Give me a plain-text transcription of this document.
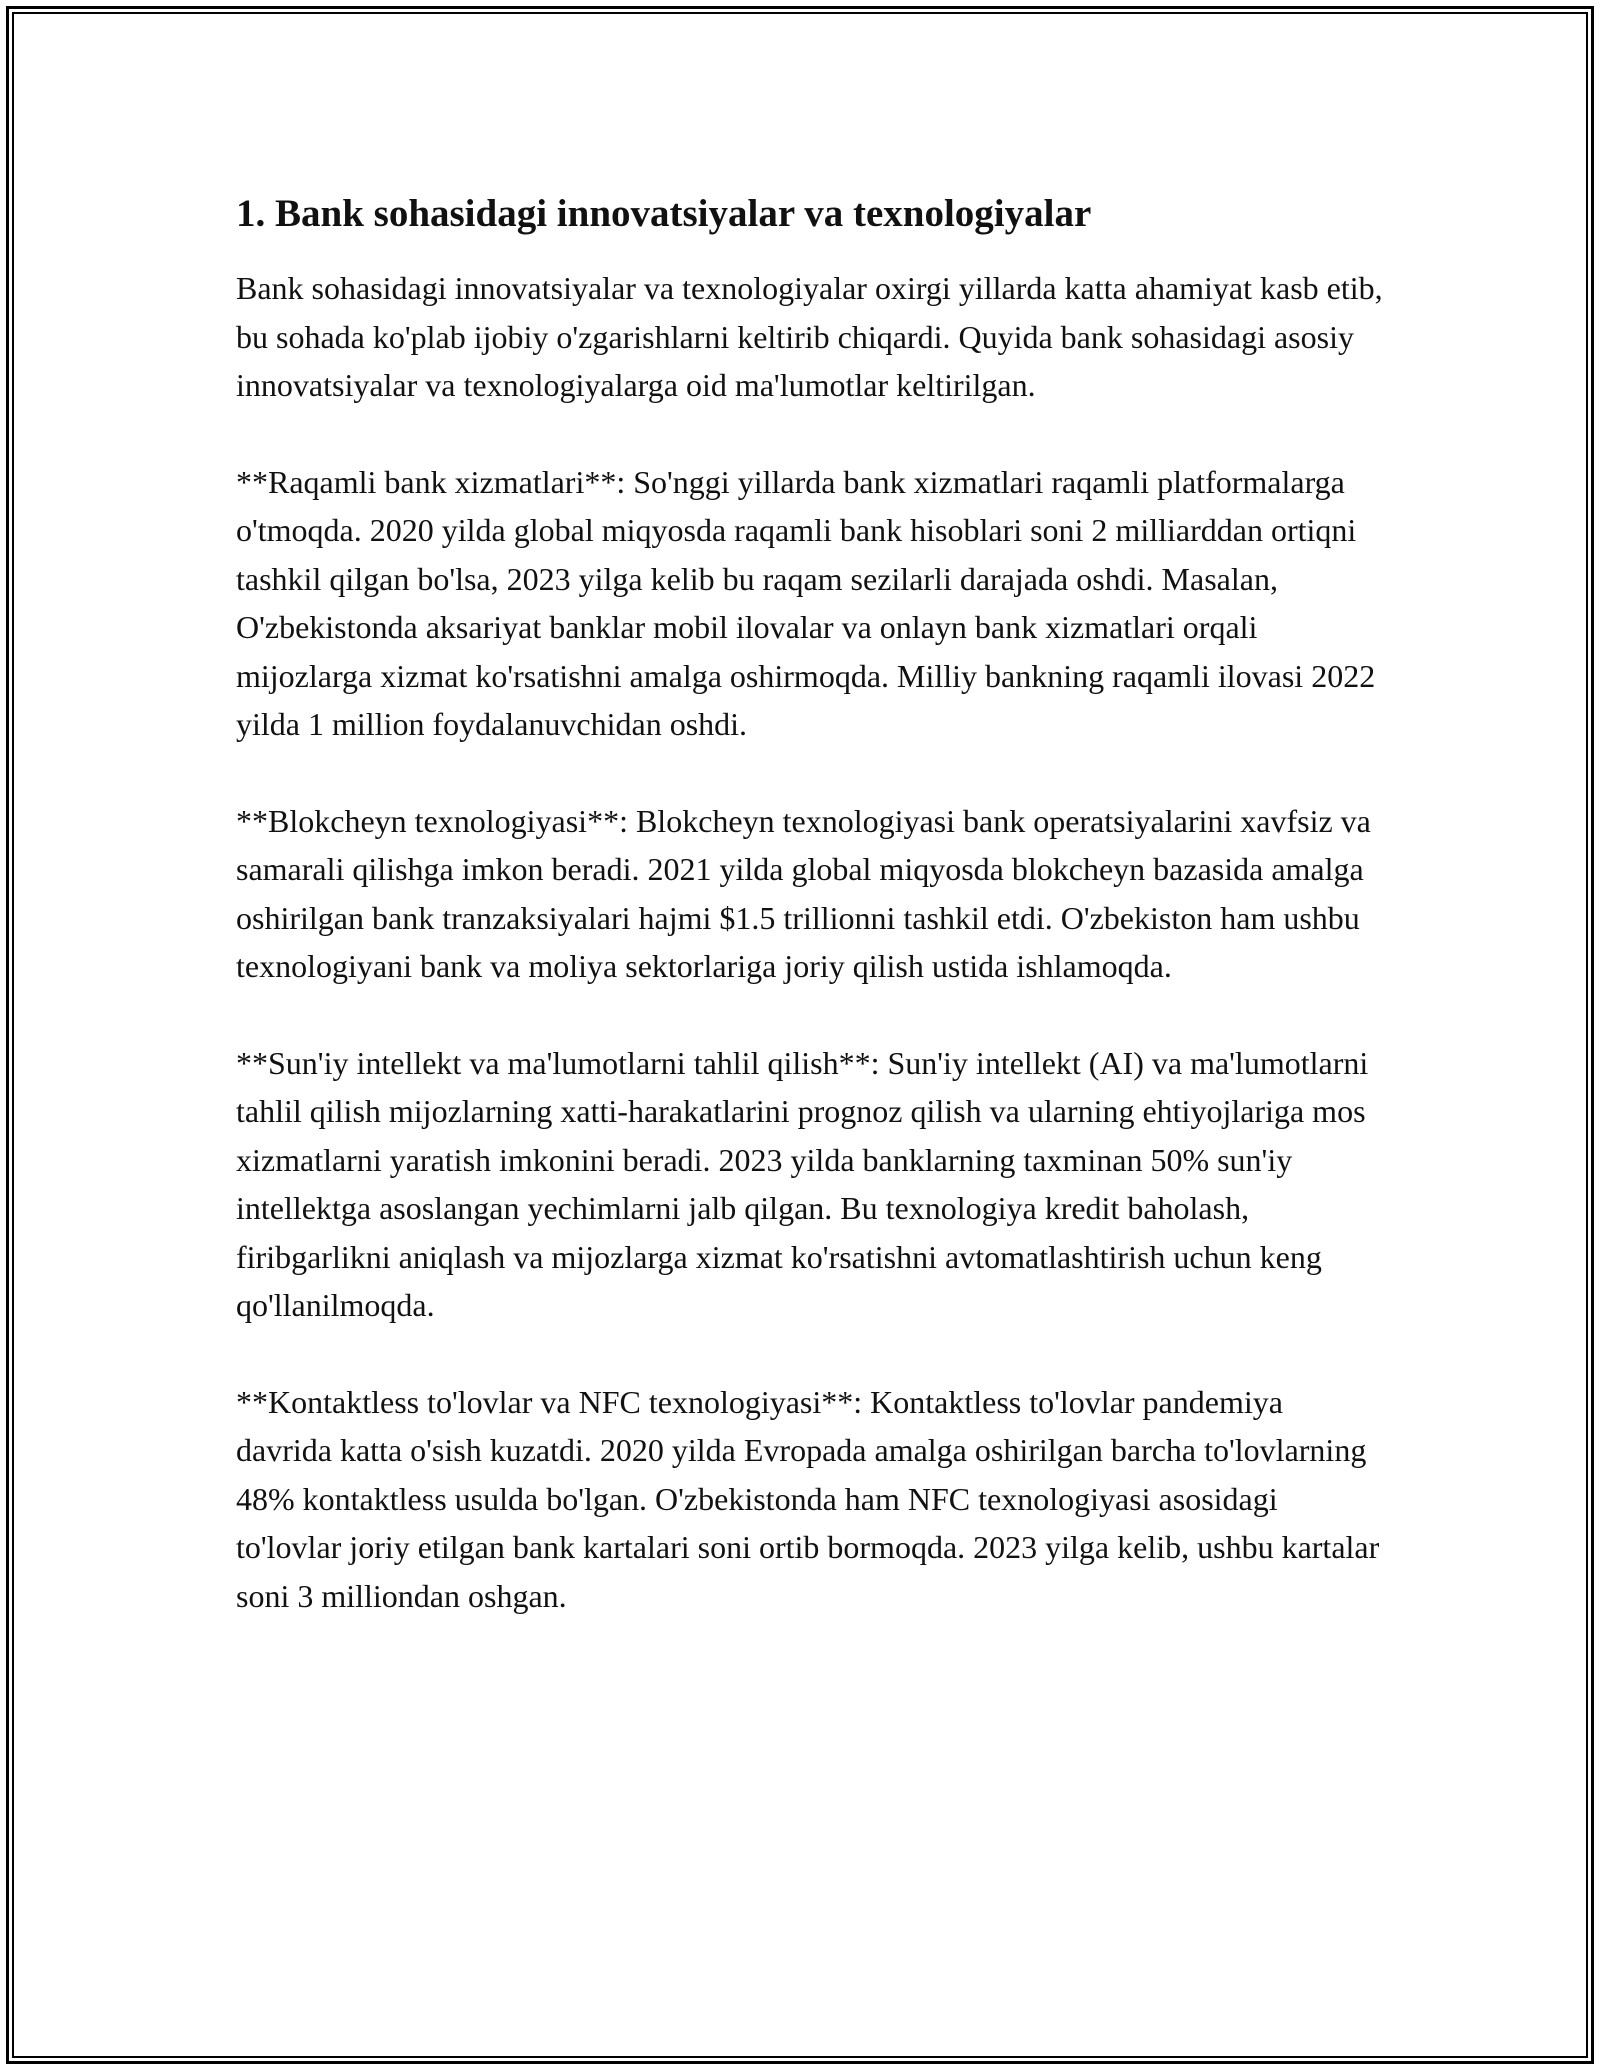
1. Bank sohasidagi innovatsiyalar va texnologiyalar

Bank sohasidagi innovatsiyalar va texnologiyalar oxirgi yillarda katta ahamiyat kasb etib, bu sohada ko'plab ijobiy o'zgarishlarni keltirib chiqardi. Quyida bank sohasidagi asosiy innovatsiyalar va texnologiyalarga oid ma'lumotlar keltirilgan.

**Raqamli bank xizmatlari**: So'nggi yillarda bank xizmatlari raqamli platformalarga o'tmoqda. 2020 yilda global miqyosda raqamli bank hisoblari soni 2 milliarddan ortiqni tashkil qilgan bo'lsa, 2023 yilga kelib bu raqam sezilarli darajada oshdi. Masalan, O'zbekistonda aksariyat banklar mobil ilovalar va onlayn bank xizmatlari orqali mijozlarga xizmat ko'rsatishni amalga oshirmoqda. Milliy bankning raqamli ilovasi 2022 yilda 1 million foydalanuvchidan oshdi.

**Blokcheyn texnologiyasi**: Blokcheyn texnologiyasi bank operatsiyalarini xavfsiz va samarali qilishga imkon beradi. 2021 yilda global miqyosda blokcheyn bazasida amalga oshirilgan bank tranzaksiyalari hajmi $1.5 trillionni tashkil etdi. O'zbekiston ham ushbu texnologiyani bank va moliya sektorlariga joriy qilish ustida ishlamoqda.

**Sun'iy intellekt va ma'lumotlarni tahlil qilish**: Sun'iy intellekt (AI) va ma'lumotlarni tahlil qilish mijozlarning xatti-harakatlarini prognoz qilish va ularning ehtiyojlariga mos xizmatlarni yaratish imkonini beradi. 2023 yilda banklarning taxminan 50% sun'iy intellektga asoslangan yechimlarni jalb qilgan. Bu texnologiya kredit baholash, firibgarlikni aniqlash va mijozlarga xizmat ko'rsatishni avtomatlashtirish uchun keng qo'llanilmoqda.

**Kontaktless to'lovlar va NFC texnologiyasi**: Kontaktless to'lovlar pandemiya davrida katta o'sish kuzatdi. 2020 yilda Evropada amalga oshirilgan barcha to'lovlarning 48% kontaktless usulda bo'lgan. O'zbekistonda ham NFC texnologiyasi asosidagi to'lovlar joriy etilgan bank kartalari soni ortib bormoqda. 2023 yilga kelib, ushbu kartalar soni 3 milliondan oshgan.
